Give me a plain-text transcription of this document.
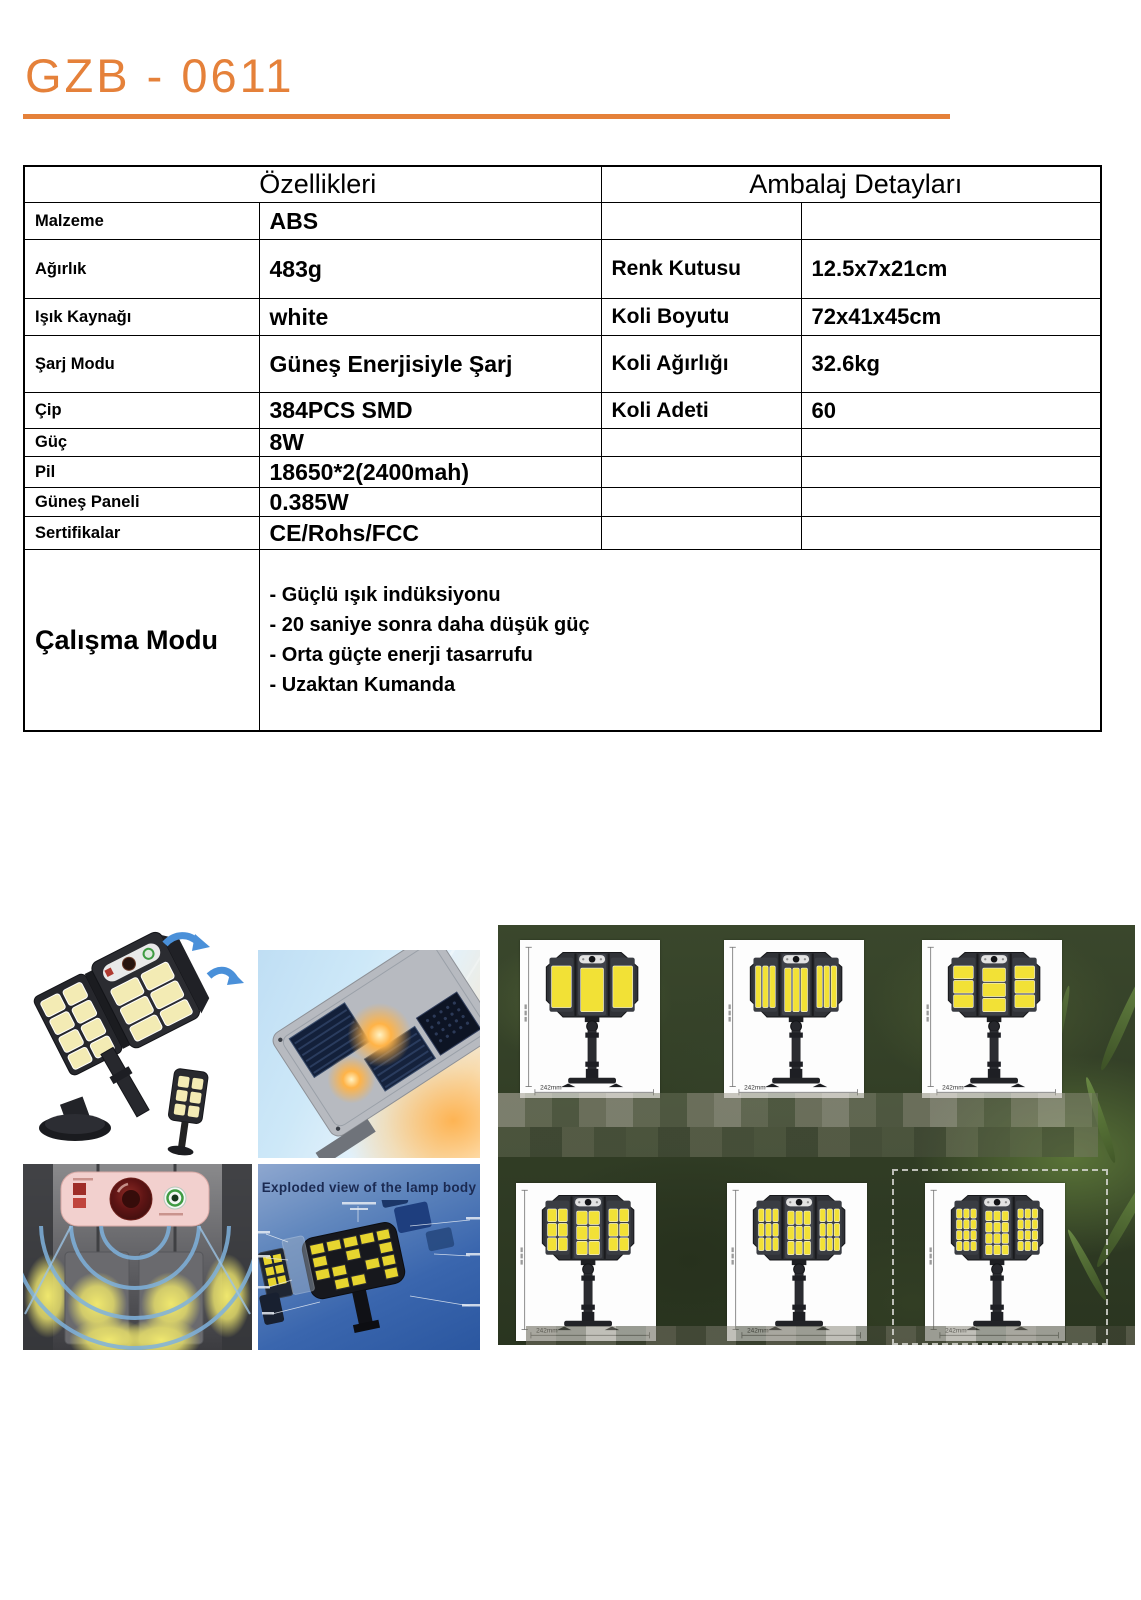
GZB - 0611
Özellikleri		Ambalaj Detayları	
Malzeme	ABS		
Ağırlık	483g	Renk Kutusu	12.5x7x21cm
Işık Kaynağı	white	Koli Boyutu	72x41x45cm
Şarj Modu	Güneş Enerjisiyle Şarj	Koli Ağırlığı	32.6kg
Çip	384PCS SMD	Koli Adeti	60
Güç	8W		
Pil	18650*2(2400mah)		
Güneş Paneli	0.385W		
Sertifikalar	CE/Rohs/FCC		
Çalışma Modu	- Güçlü ışık indüksiyonu
- 20 saniye sonra daha düşük güç
- Orta güçte enerji tasarrufu
- Uzaktan Kumanda		
Exploded view of the lamp body
242mm	242mm	242mm
